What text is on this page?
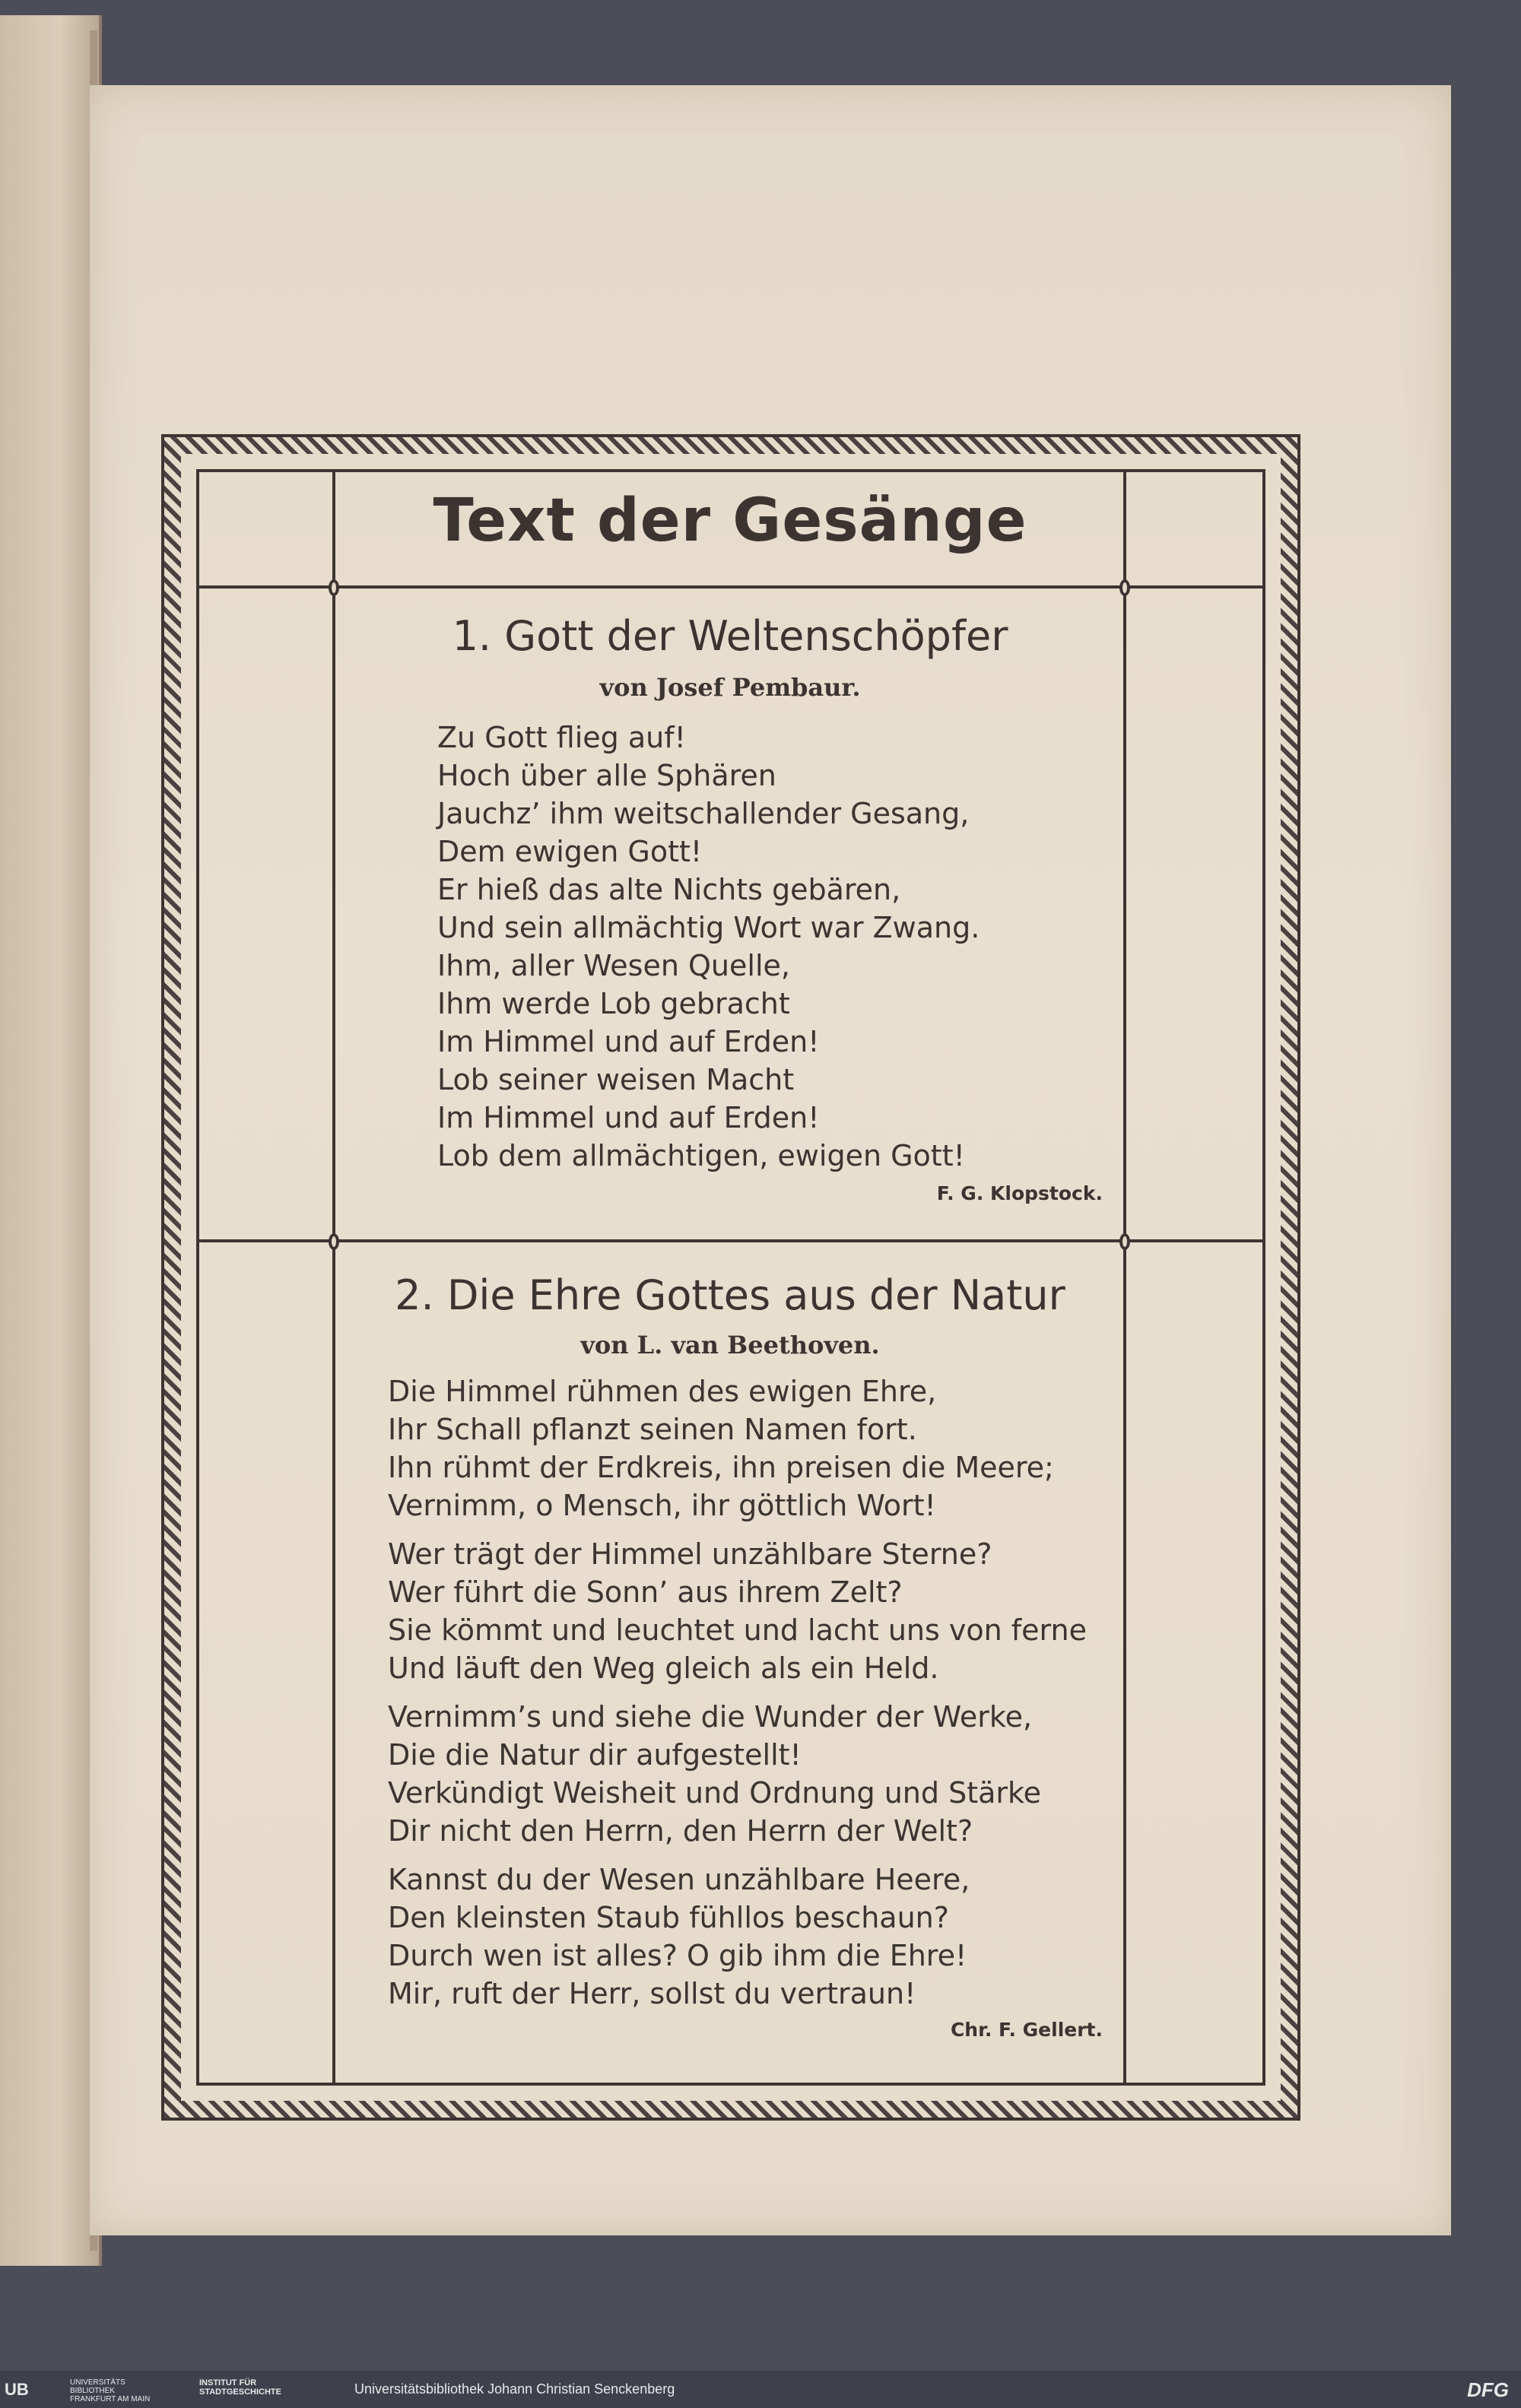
Text der Gesänge
1. Gott der Weltenschöpfer
von Josef Pembaur.
Zu Gott flieg auf!
Hoch über alle Sphären
Jauchz’ ihm weitschallender Gesang,
Dem ewigen Gott!
Er hieß das alte Nichts gebären,
Und sein allmächtig Wort war Zwang.
Ihm, aller Wesen Quelle,
Ihm werde Lob gebracht
Im Himmel und auf Erden!
Lob seiner weisen Macht
Im Himmel und auf Erden!
Lob dem allmächtigen, ewigen Gott!
F. G. Klopstock.
2. Die Ehre Gottes aus der Natur
von L. van Beethoven.
Die Himmel rühmen des ewigen Ehre,
Ihr Schall pflanzt seinen Namen fort.
Ihn rühmt der Erdkreis, ihn preisen die Meere;
Vernimm, o Mensch, ihr göttlich Wort!
Wer trägt der Himmel unzählbare Sterne?
Wer führt die Sonn’ aus ihrem Zelt?
Sie kömmt und leuchtet und lacht uns von ferne
Und läuft den Weg gleich als ein Held.
Vernimm’s und siehe die Wunder der Werke,
Die die Natur dir aufgestellt!
Verkündigt Weisheit und Ordnung und Stärke
Dir nicht den Herrn, den Herrn der Welt?
Kannst du der Wesen unzählbare Heere,
Den kleinsten Staub fühllos beschaun?
Durch wen ist alles? O gib ihm die Ehre!
Mir, ruft der Herr, sollst du vertraun!
Chr. F. Gellert.
UB	UNIVERSITÄTS BIBLIOTHEK FRANKFURT AM MAIN
INSTITUT FÜR STADTGESCHICHTE	Universitätsbibliothek Johann Christian Senckenberg	DFG
